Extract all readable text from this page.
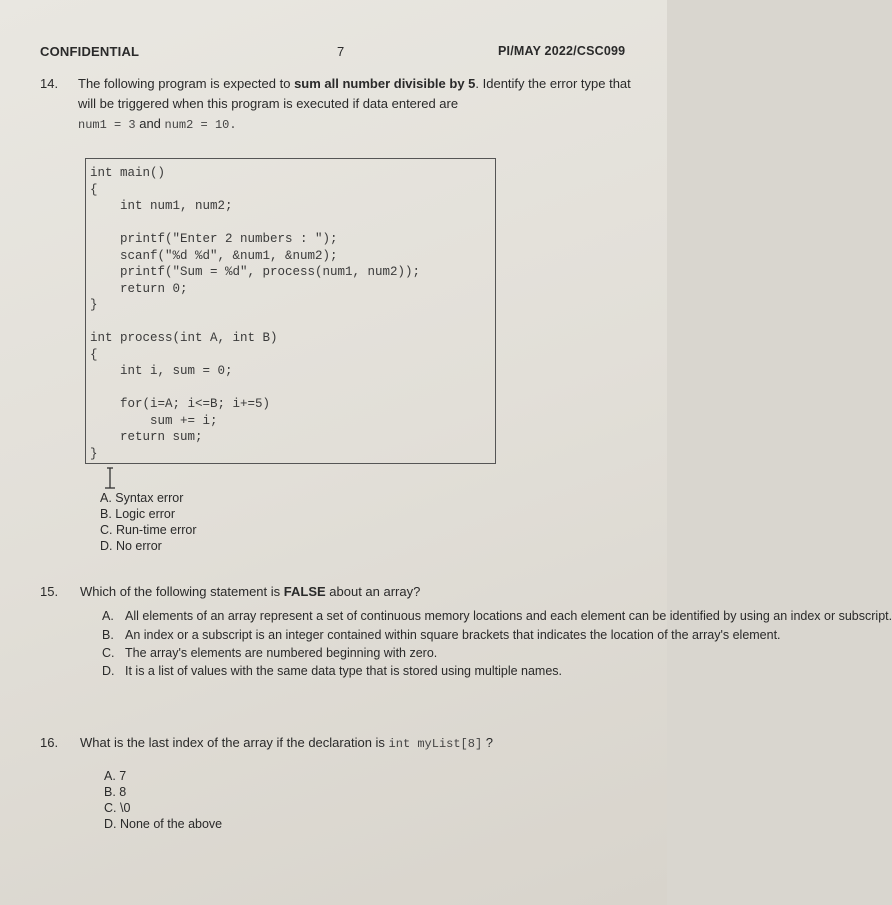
CONFIDENTIAL	7	PI/MAY 2022/CSC099
14. The following program is expected to sum all number divisible by 5. Identify the error type that will be triggered when this program is executed if data entered are
num1 = 3 and num2 = 10.
int main()
{
int num1, num2;

printf("Enter 2 numbers : ");
scanf("%d %d", &num1, &num2);
printf("Sum = %d", process(num1, num2));
return 0;
}

int process(int A, int B)
{
int i, sum = 0;

for(i=A; i<=B; i+=5)
sum += i;
return sum;
}
A. Syntax error
B. Logic error
C. Run-time error
D. No error
15. Which of the following statement is FALSE about an array?
A. All elements of an array represent a set of continuous memory locations and each element can be identified by using an index or subscript.
B. An index or a subscript is an integer contained within square brackets that indicates the location of the array's element.
C. The array's elements are numbered beginning with zero.
D. It is a list of values with the same data type that is stored using multiple names.
16. What is the last index of the array if the declaration is int myList[8] ?
A. 7
B. 8
C. \0
D. None of the above
